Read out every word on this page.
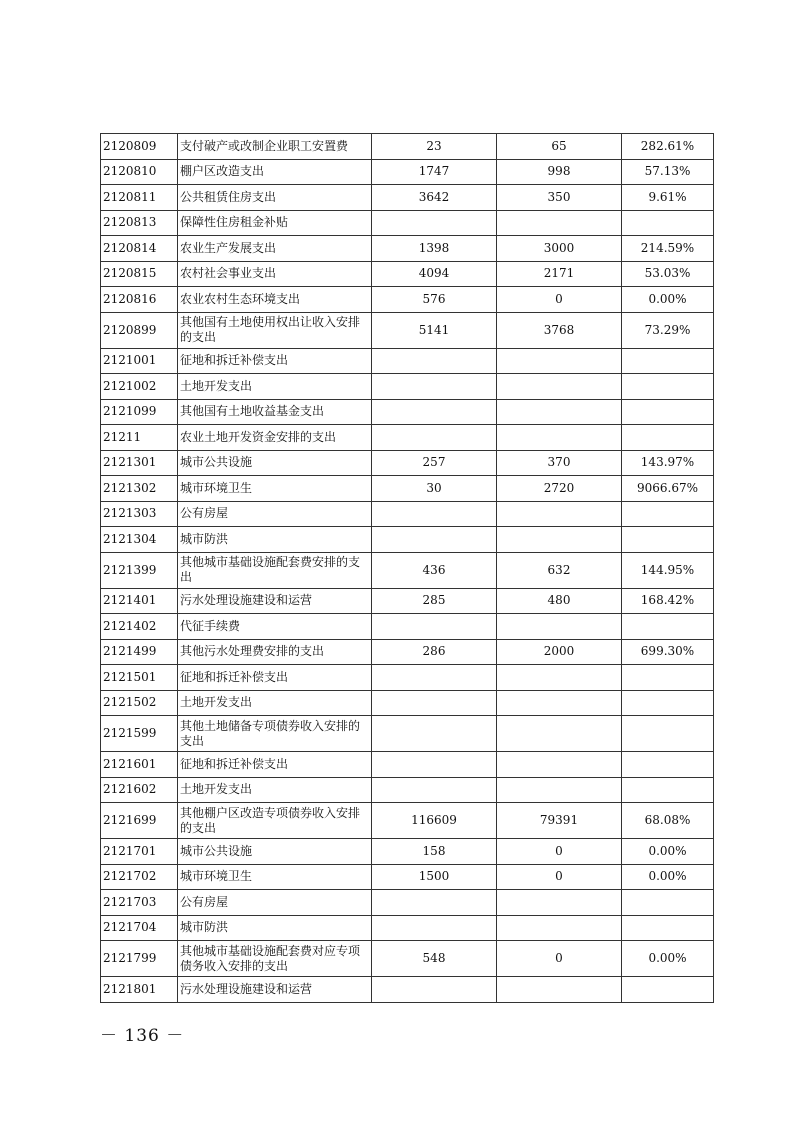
2120809	支付破产或改制企业职工安置费	23	65	282.61%
2120810	棚户区改造支出	1747	998	57.13%
2120811	公共租赁住房支出	3642	350	9.61%
2120813	保障性住房租金补贴			
2120814	农业生产发展支出	1398	3000	214.59%
2120815	农村社会事业支出	4094	2171	53.03%
2120816	农业农村生态环境支出	576	0	0.00%
2120899	其他国有土地使用权出让收入安排的支出	5141	3768	73.29%
2121001	征地和拆迁补偿支出			
2121002	土地开发支出			
2121099	其他国有土地收益基金支出			
21211	农业土地开发资金安排的支出			
2121301	城市公共设施	257	370	143.97%
2121302	城市环境卫生	30	2720	9066.67%
2121303	公有房屋			
2121304	城市防洪			
2121399	其他城市基础设施配套费安排的支出	436	632	144.95%
2121401	污水处理设施建设和运营	285	480	168.42%
2121402	代征手续费			
2121499	其他污水处理费安排的支出	286	2000	699.30%
2121501	征地和拆迁补偿支出			
2121502	土地开发支出			
2121599	其他土地储备专项债券收入安排的支出			
2121601	征地和拆迁补偿支出			
2121602	土地开发支出			
2121699	其他棚户区改造专项债券收入安排的支出	116609	79391	68.08%
2121701	城市公共设施	158	0	0.00%
2121702	城市环境卫生	1500	0	0.00%
2121703	公有房屋			
2121704	城市防洪			
2121799	其他城市基础设施配套费对应专项债务收入安排的支出	548	0	0.00%
2121801	污水处理设施建设和运营			
－ 136 －
